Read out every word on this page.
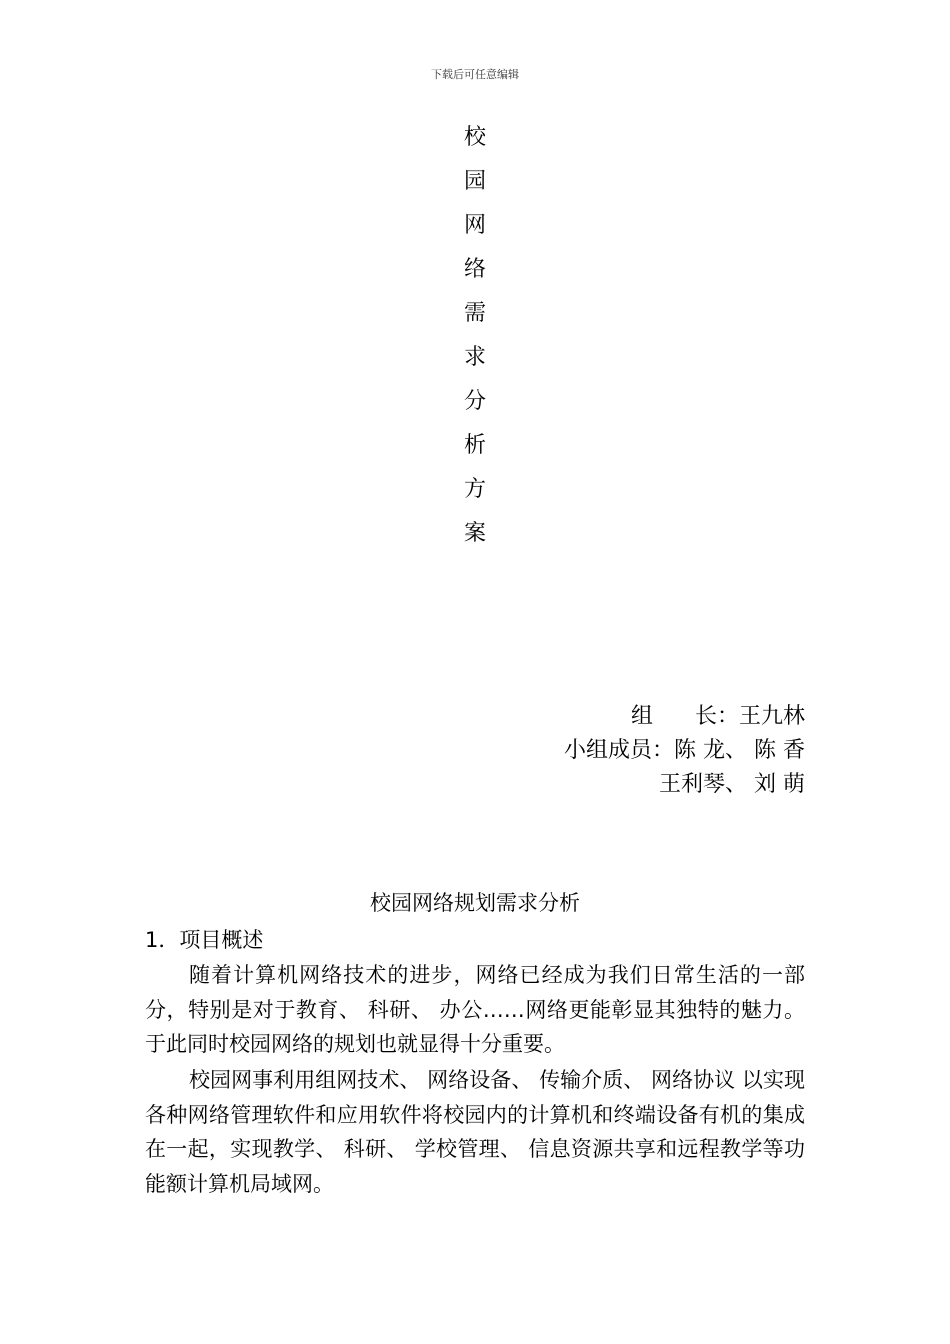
下载后可任意编辑
校
园
网
络
需
求
分
析
方
案
组      长：王九林
小组成员：陈 龙、 陈 香
王利琴、 刘 萌
校园网络规划需求分析
1．项目概述
随着计算机网络技术的进步，网络已经成为我们日常生活的一部分，特别是对于教育、 科研、 办公……网络更能彰显其独特的魅力。于此同时校园网络的规划也就显得十分重要。
校园网事利用组网技术、 网络设备、 传输介质、 网络协议 以实现各种网络管理软件和应用软件将校园内的计算机和终端设备有机的集成在一起，实现教学、 科研、 学校管理、 信息资源共享和远程教学等功能额计算机局域网。
